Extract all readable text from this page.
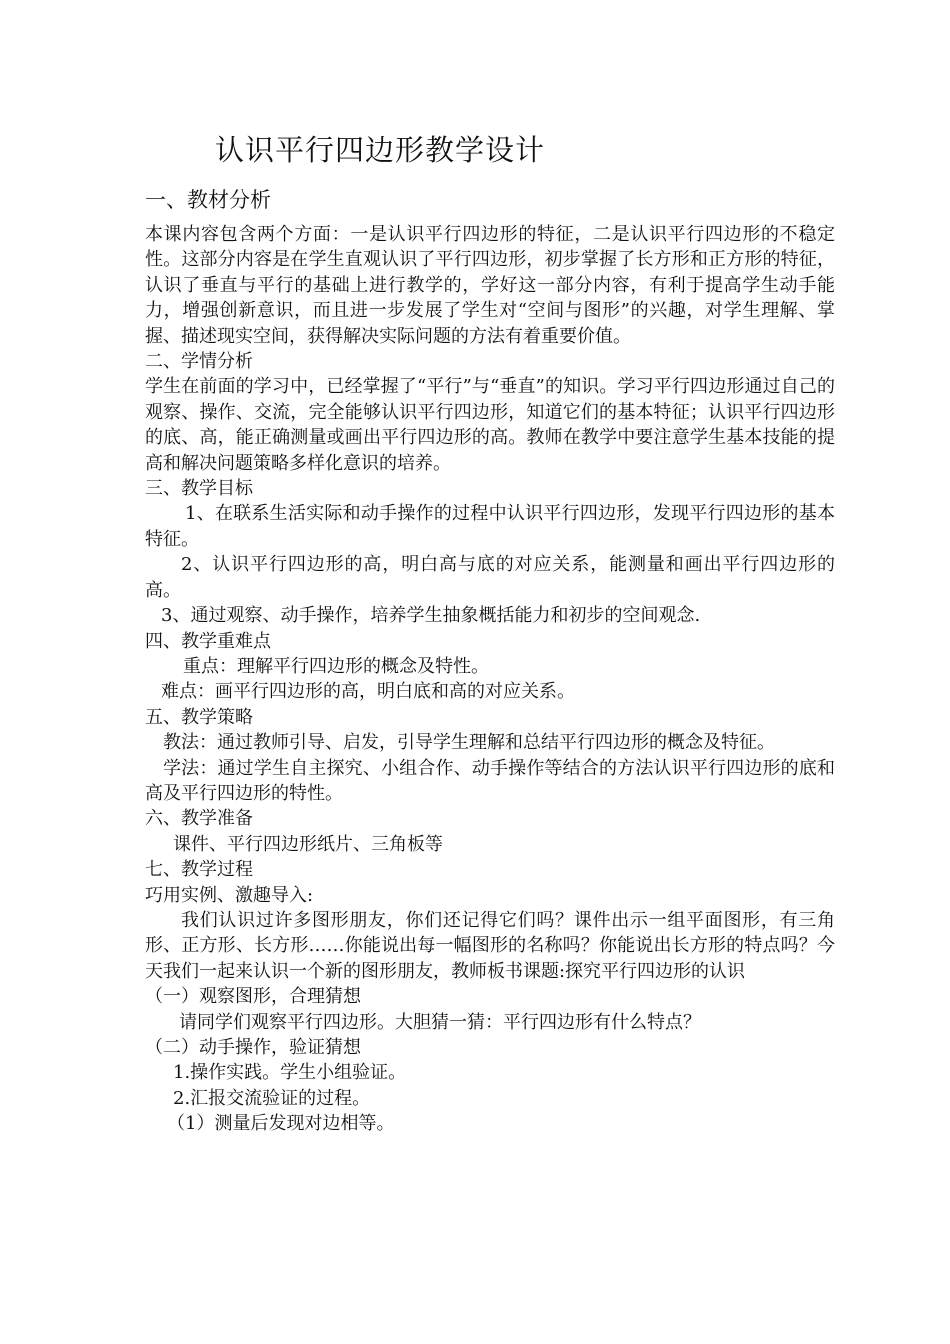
认识平行四边形教学设计
一、教材分析
本课内容包含两个方面：一是认识平行四边形的特征，二是认识平行四边形的不稳定性。这部分内容是在学生直观认识了平行四边形，初步掌握了长方形和正方形的特征，认识了垂直与平行的基础上进行教学的，学好这一部分内容，有利于提高学生动手能力，增强创新意识，而且进一步发展了学生对“空间与图形”的兴趣，对学生理解、掌握、描述现实空间，获得解决实际问题的方法有着重要价值。
二、学情分析
学生在前面的学习中，已经掌握了“平行”与“垂直”的知识。学习平行四边形通过自己的观察、操作、交流，完全能够认识平行四边形，知道它们的基本特征；认识平行四边形的底、高，能正确测量或画出平行四边形的高。教师在教学中要注意学生基本技能的提高和解决问题策略多样化意识的培养。
三、教学目标
1、在联系生活实际和动手操作的过程中认识平行四边形，发现平行四边形的基本特征。
2、认识平行四边形的高，明白高与底的对应关系，能测量和画出平行四边形的高。
3、通过观察、动手操作，培养学生抽象概括能力和初步的空间观念.
四、教学重难点
重点：理解平行四边形的概念及特性。
难点：画平行四边形的高，明白底和高的对应关系。
五、教学策略
教法：通过教师引导、启发，引导学生理解和总结平行四边形的概念及特征。
学法：通过学生自主探究、小组合作、动手操作等结合的方法认识平行四边形的底和高及平行四边形的特性。
六、教学准备
课件、平行四边形纸片、三角板等
七、教学过程
巧用实例、激趣导入:
我们认识过许多图形朋友，你们还记得它们吗？课件出示一组平面图形，有三角形、正方形、长方形……你能说出每一幅图形的名称吗？你能说出长方形的特点吗？今天我们一起来认识一个新的图形朋友，教师板书课题:探究平行四边形的认识
（一）观察图形，合理猜想
请同学们观察平行四边形。大胆猜一猜：平行四边形有什么特点？
（二）动手操作，验证猜想
1.操作实践。学生小组验证。
2.汇报交流验证的过程。
（1）测量后发现对边相等。
